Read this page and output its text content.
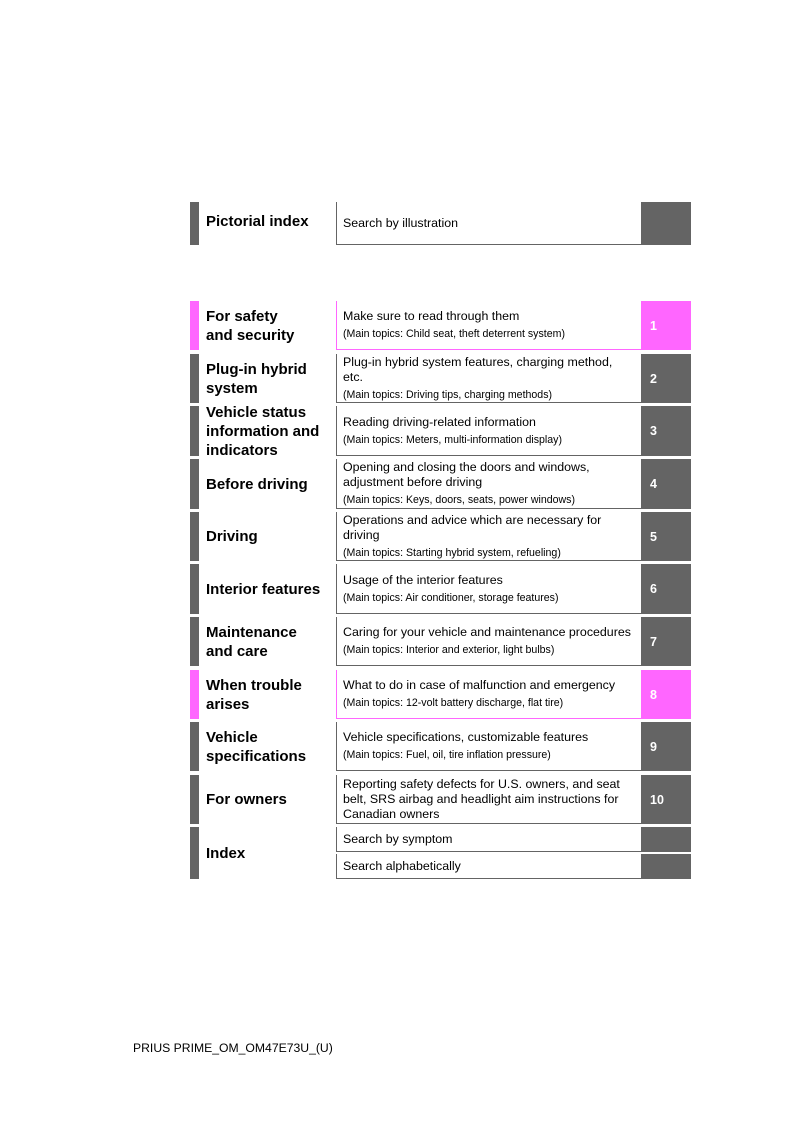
Pictorial index	Search by illustration
For safety
and security
Make sure to read through them
(Main topics: Child seat, theft deterrent system)
1
Plug-in hybrid
system
Plug-in hybrid system features, charging method, etc.
(Main topics: Driving tips, charging methods)
2
Vehicle status
information and
indicators
Reading driving-related information
(Main topics: Meters, multi-information display)
3
Before driving
Opening and closing the doors and windows, adjustment before driving
(Main topics: Keys, doors, seats, power windows)
4
Driving
Operations and advice which are necessary for driving
(Main topics: Starting hybrid system, refueling)
5
Interior features
Usage of the interior features
(Main topics: Air conditioner, storage features)
6
Maintenance
and care
Caring for your vehicle and maintenance procedures
(Main topics: Interior and exterior, light bulbs)
7
When trouble
arises
What to do in case of malfunction and emergency
(Main topics: 12-volt battery discharge, flat tire)
8
Vehicle
specifications
Vehicle specifications, customizable features
(Main topics: Fuel, oil, tire inflation pressure)
9
For owners
Reporting safety defects for U.S. owners, and seat belt, SRS airbag and headlight aim instructions for Canadian owners
10
Index
Search by symptom
Search alphabetically
PRIUS PRIME_OM_OM47E73U_(U)
